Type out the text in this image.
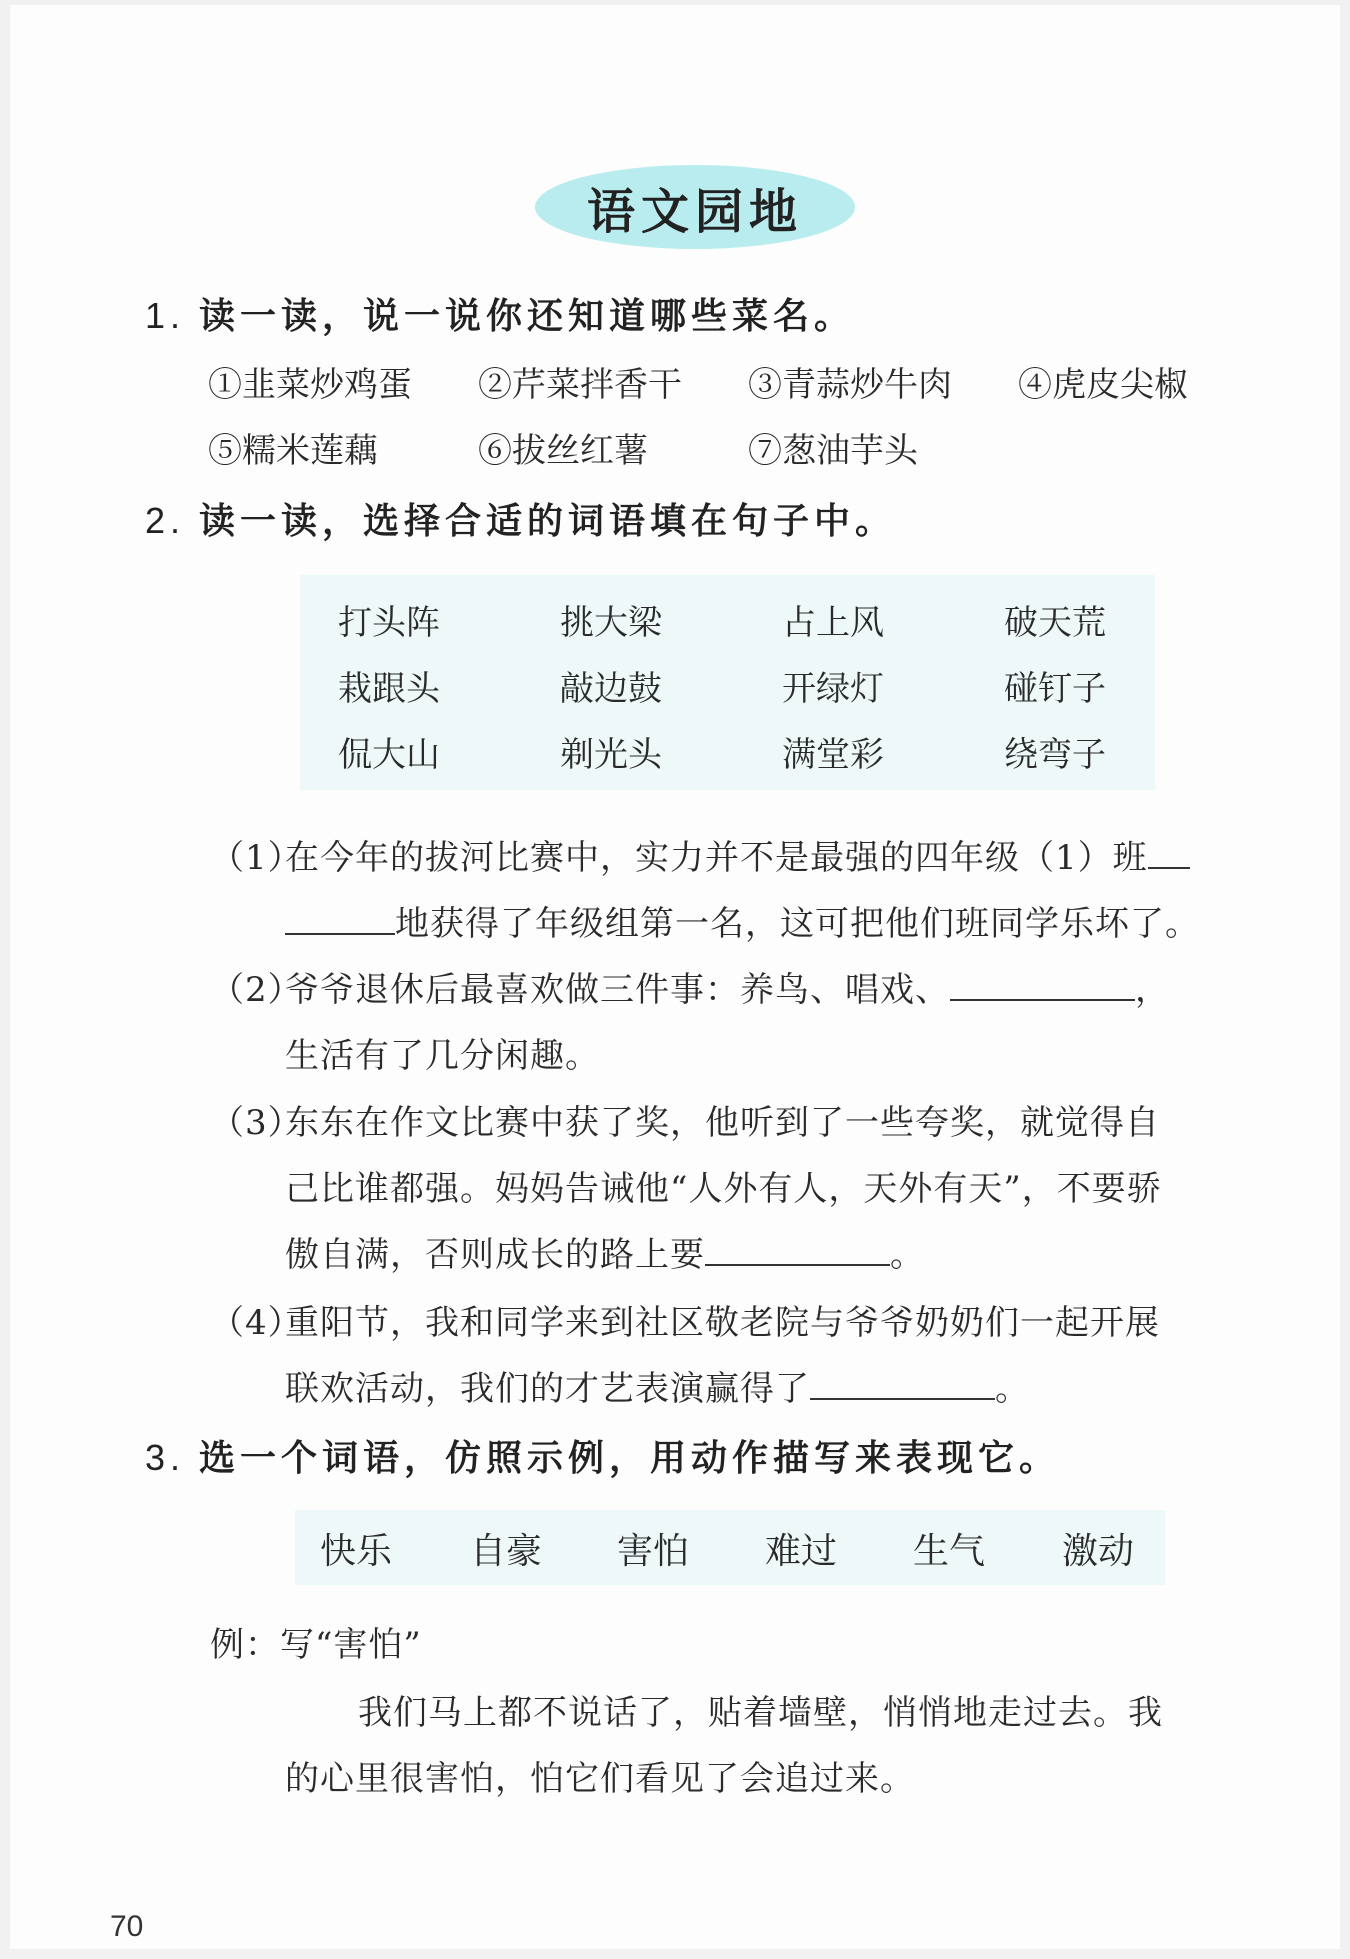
语文园地
1. 读一读，说一说你还知道哪些菜名。
①韭菜炒鸡蛋 ②芹菜拌香干 ③青蒜炒牛肉 ④虎皮尖椒
⑤糯米莲藕	⑥拔丝红薯	⑦葱油芋头
2. 读一读，选择合适的词语填在句子中。
打头阵	挑大梁	占上风	破天荒
栽跟头	敲边鼓	开绿灯	碰钉子
侃大山	剃光头	满堂彩	绕弯子
（1）在今年的拔河比赛中，实力并不是最强的四年级（1）班
地获得了年级组第一名，这可把他们班同学乐坏了。
（2）爷爷退休后最喜欢做三件事：养鸟、唱戏、	，
生活有了几分闲趣。
（3）东东在作文比赛中获了奖，他听到了一些夸奖，就觉得自
己比谁都强。妈妈告诫他“人外有人，天外有天”，不要骄
傲自满，否则成长的路上要	。
（4）重阳节，我和同学来到社区敬老院与爷爷奶奶们一起开展
联欢活动，我们的才艺表演赢得了	。
3. 选一个词语，仿照示例，用动作描写来表现它。
快乐 自豪 害怕 难过 生气 激动
例：写“害怕”
我们马上都不说话了，贴着墙壁，悄悄地走过去。我
的心里很害怕，怕它们看见了会追过来。
70
